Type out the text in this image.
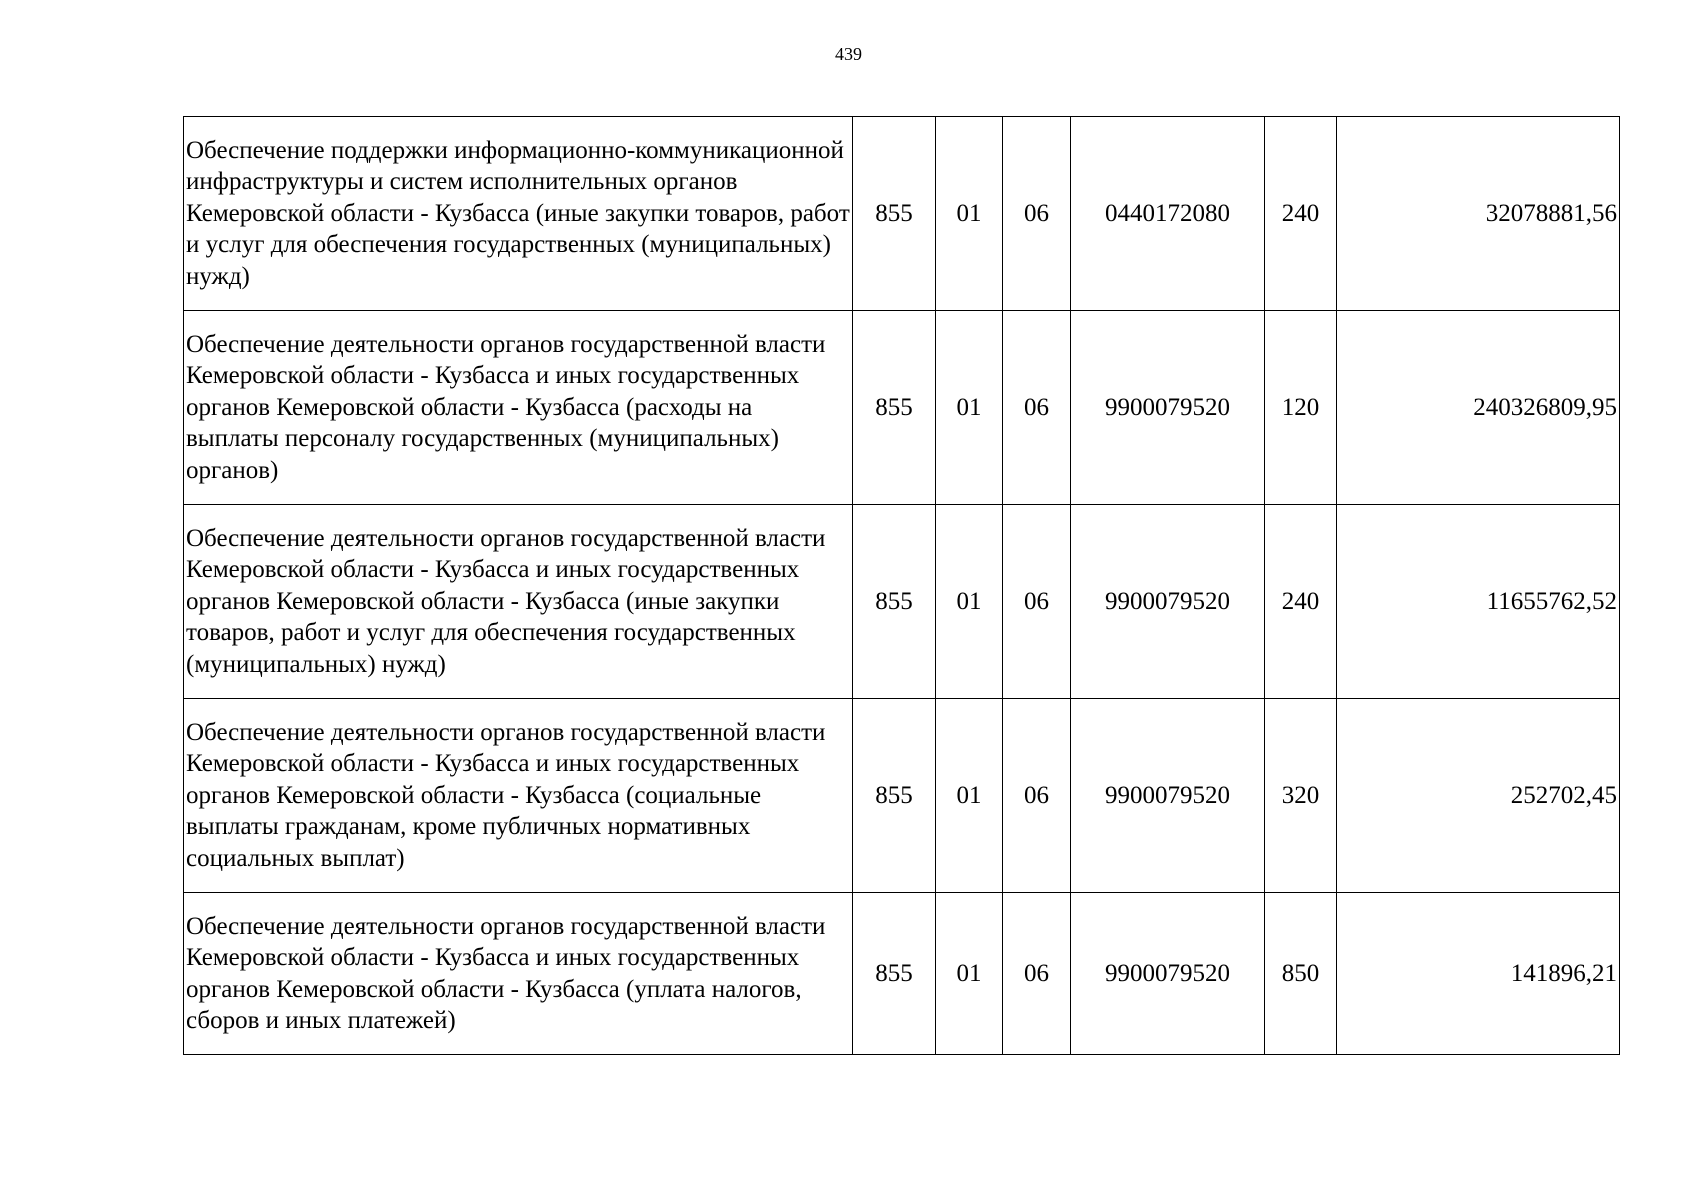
439
Обеспечение поддержки информационно-коммуникационной инфраструктуры и систем исполнительных органов Кемеровской области - Кузбасса (иные закупки товаров, работ и услуг для обеспечения государственных (муниципальных) нужд)	855	01	06	0440172080	240	32078881,56
Обеспечение деятельности органов государственной власти Кемеровской области - Кузбасса и иных государственных органов Кемеровской области - Кузбасса (расходы на выплаты персоналу государственных (муниципальных) органов)	855	01	06	9900079520	120	240326809,95
Обеспечение деятельности органов государственной власти Кемеровской области - Кузбасса и иных государственных органов Кемеровской области - Кузбасса (иные закупки товаров, работ и услуг для обеспечения государственных (муниципальных) нужд)	855	01	06	9900079520	240	11655762,52
Обеспечение деятельности органов государственной власти Кемеровской области - Кузбасса и иных государственных органов Кемеровской области - Кузбасса (социальные выплаты гражданам, кроме публичных нормативных социальных выплат)	855	01	06	9900079520	320	252702,45
Обеспечение деятельности органов государственной власти Кемеровской области - Кузбасса и иных государственных органов Кемеровской области - Кузбасса (уплата налогов, сборов и иных платежей)	855	01	06	9900079520	850	141896,21
